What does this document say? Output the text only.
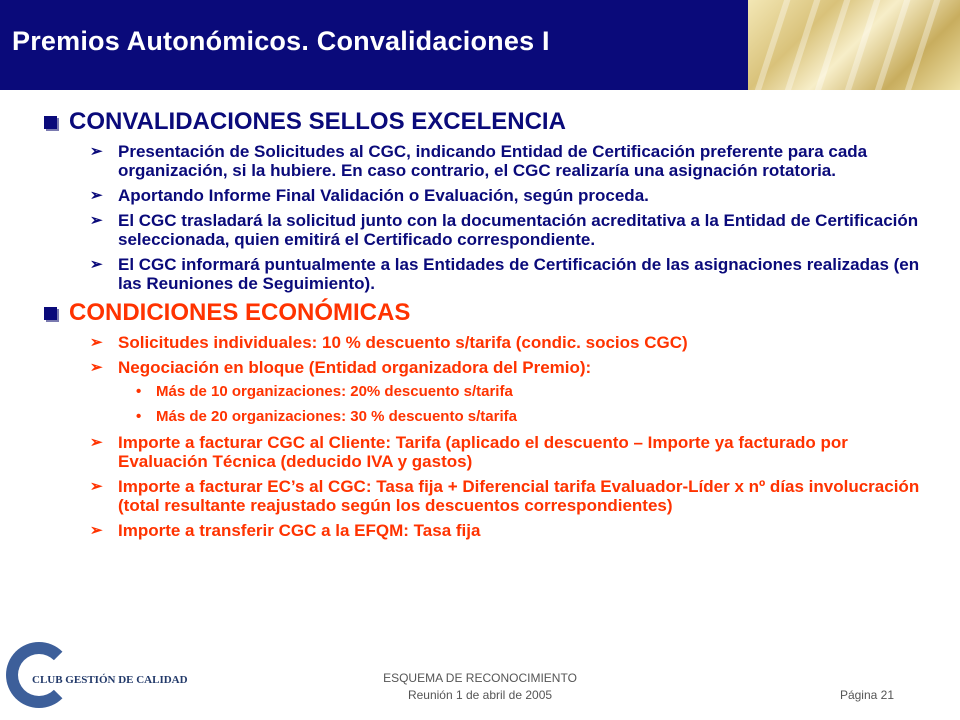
Premios Autonómicos. Convalidaciones I
CONVALIDACIONES SELLOS EXCELENCIA
➢ Presentación de Solicitudes al CGC, indicando Entidad de Certificación preferente para cada organización, si la hubiere. En caso contrario, el CGC realizaría una asignación rotatoria.
➢ Aportando Informe Final Validación o Evaluación, según proceda.
➢ El CGC trasladará la solicitud junto con la documentación acreditativa a la Entidad de Certificación seleccionada, quien emitirá el Certificado correspondiente.
➢ El CGC informará puntualmente a las Entidades de Certificación de las asignaciones realizadas (en las Reuniones de Seguimiento).
CONDICIONES ECONÓMICAS
➢ Solicitudes individuales: 10 % descuento s/tarifa (condic. socios CGC)
➢ Negociación en bloque (Entidad organizadora del Premio):
• Más de 10 organizaciones: 20% descuento s/tarifa
• Más de 20 organizaciones: 30 % descuento s/tarifa
➢ Importe a facturar CGC al Cliente: Tarifa (aplicado el descuento – Importe ya facturado por Evaluación Técnica (deducido IVA y gastos)
➢ Importe a facturar EC’s al CGC: Tasa fija + Diferencial tarifa Evaluador-Líder x nº días involucración (total resultante reajustado según los descuentos correspondientes)
➢ Importe a transferir CGC a la EFQM: Tasa fija
CLUB GESTIÓN DE CALIDAD	ESQUEMA DE RECONOCIMIENTO
Reunión 1 de abril de 2005	Página 21
